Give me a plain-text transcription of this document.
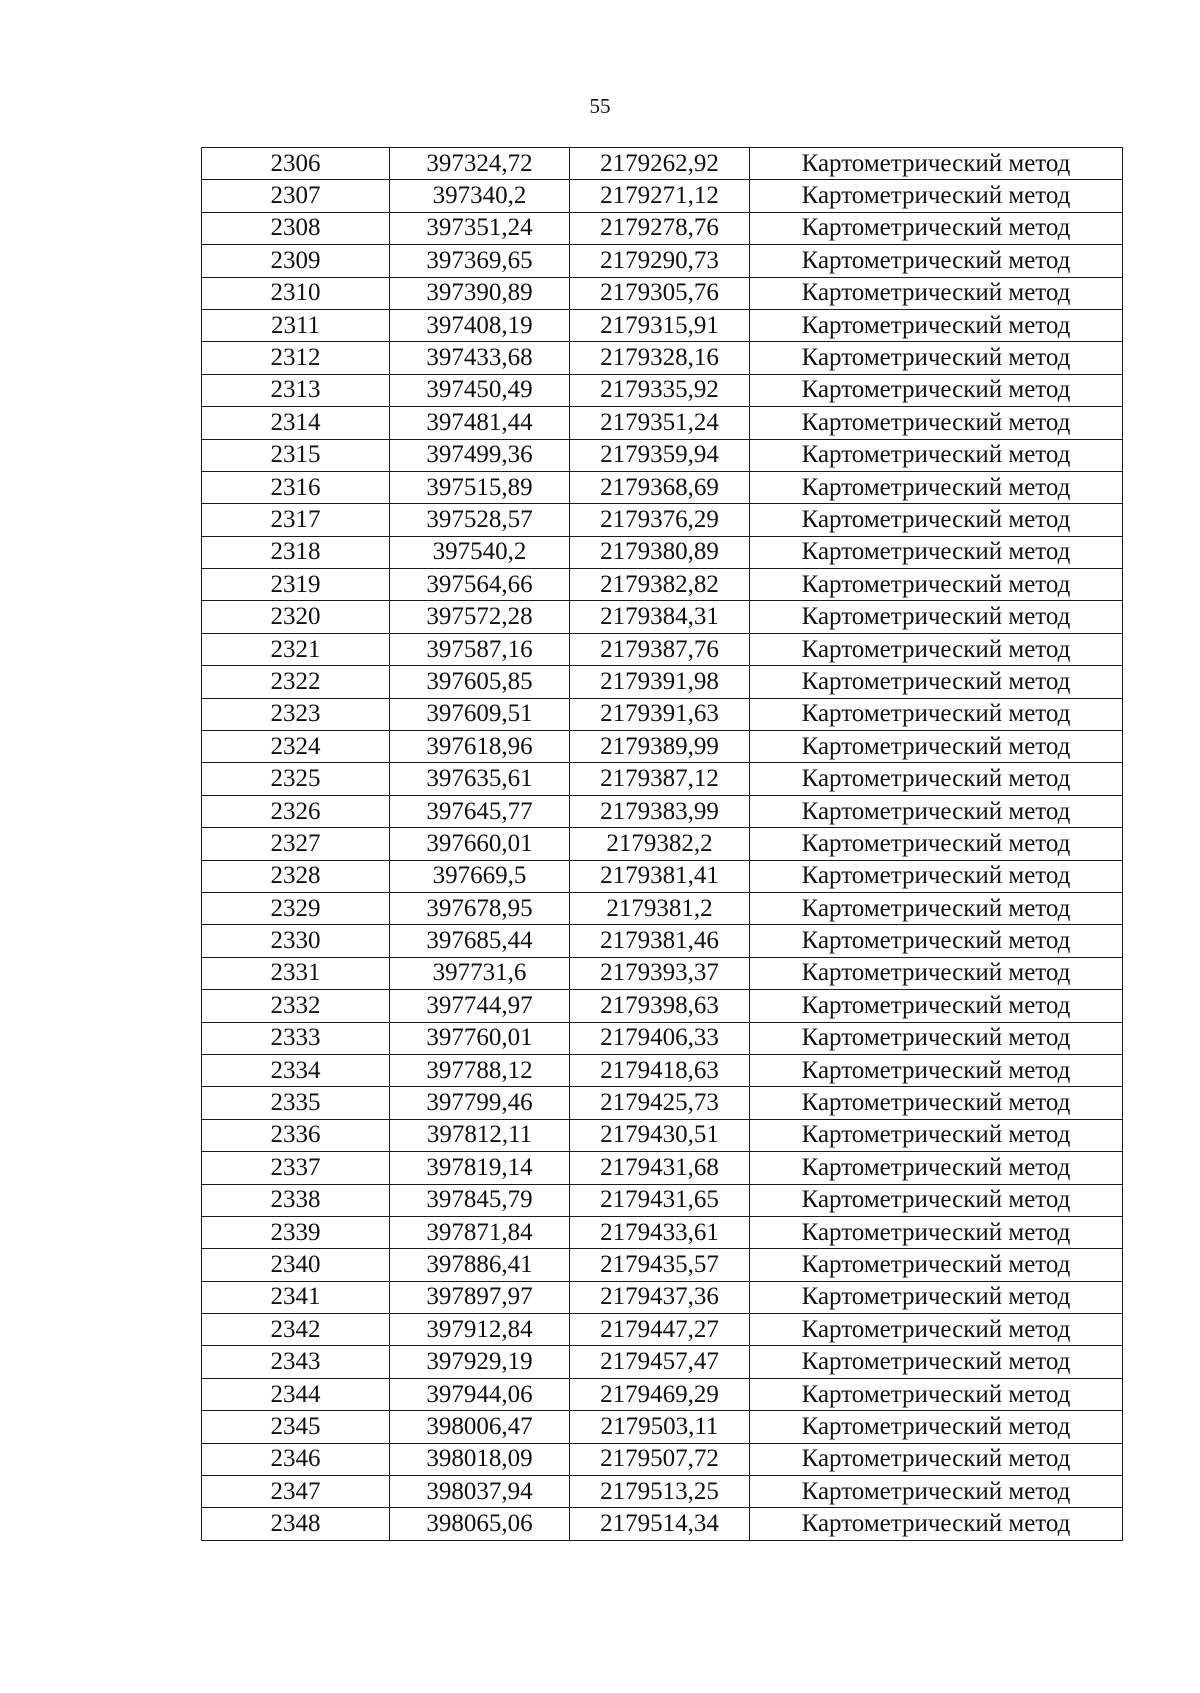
55
2306	397324,72	2179262,92	Картометрический метод
2307	397340,2	2179271,12	Картометрический метод
2308	397351,24	2179278,76	Картометрический метод
2309	397369,65	2179290,73	Картометрический метод
2310	397390,89	2179305,76	Картометрический метод
2311	397408,19	2179315,91	Картометрический метод
2312	397433,68	2179328,16	Картометрический метод
2313	397450,49	2179335,92	Картометрический метод
2314	397481,44	2179351,24	Картометрический метод
2315	397499,36	2179359,94	Картометрический метод
2316	397515,89	2179368,69	Картометрический метод
2317	397528,57	2179376,29	Картометрический метод
2318	397540,2	2179380,89	Картометрический метод
2319	397564,66	2179382,82	Картометрический метод
2320	397572,28	2179384,31	Картометрический метод
2321	397587,16	2179387,76	Картометрический метод
2322	397605,85	2179391,98	Картометрический метод
2323	397609,51	2179391,63	Картометрический метод
2324	397618,96	2179389,99	Картометрический метод
2325	397635,61	2179387,12	Картометрический метод
2326	397645,77	2179383,99	Картометрический метод
2327	397660,01	2179382,2	Картометрический метод
2328	397669,5	2179381,41	Картометрический метод
2329	397678,95	2179381,2	Картометрический метод
2330	397685,44	2179381,46	Картометрический метод
2331	397731,6	2179393,37	Картометрический метод
2332	397744,97	2179398,63	Картометрический метод
2333	397760,01	2179406,33	Картометрический метод
2334	397788,12	2179418,63	Картометрический метод
2335	397799,46	2179425,73	Картометрический метод
2336	397812,11	2179430,51	Картометрический метод
2337	397819,14	2179431,68	Картометрический метод
2338	397845,79	2179431,65	Картометрический метод
2339	397871,84	2179433,61	Картометрический метод
2340	397886,41	2179435,57	Картометрический метод
2341	397897,97	2179437,36	Картометрический метод
2342	397912,84	2179447,27	Картометрический метод
2343	397929,19	2179457,47	Картометрический метод
2344	397944,06	2179469,29	Картометрический метод
2345	398006,47	2179503,11	Картометрический метод
2346	398018,09	2179507,72	Картометрический метод
2347	398037,94	2179513,25	Картометрический метод
2348	398065,06	2179514,34	Картометрический метод
